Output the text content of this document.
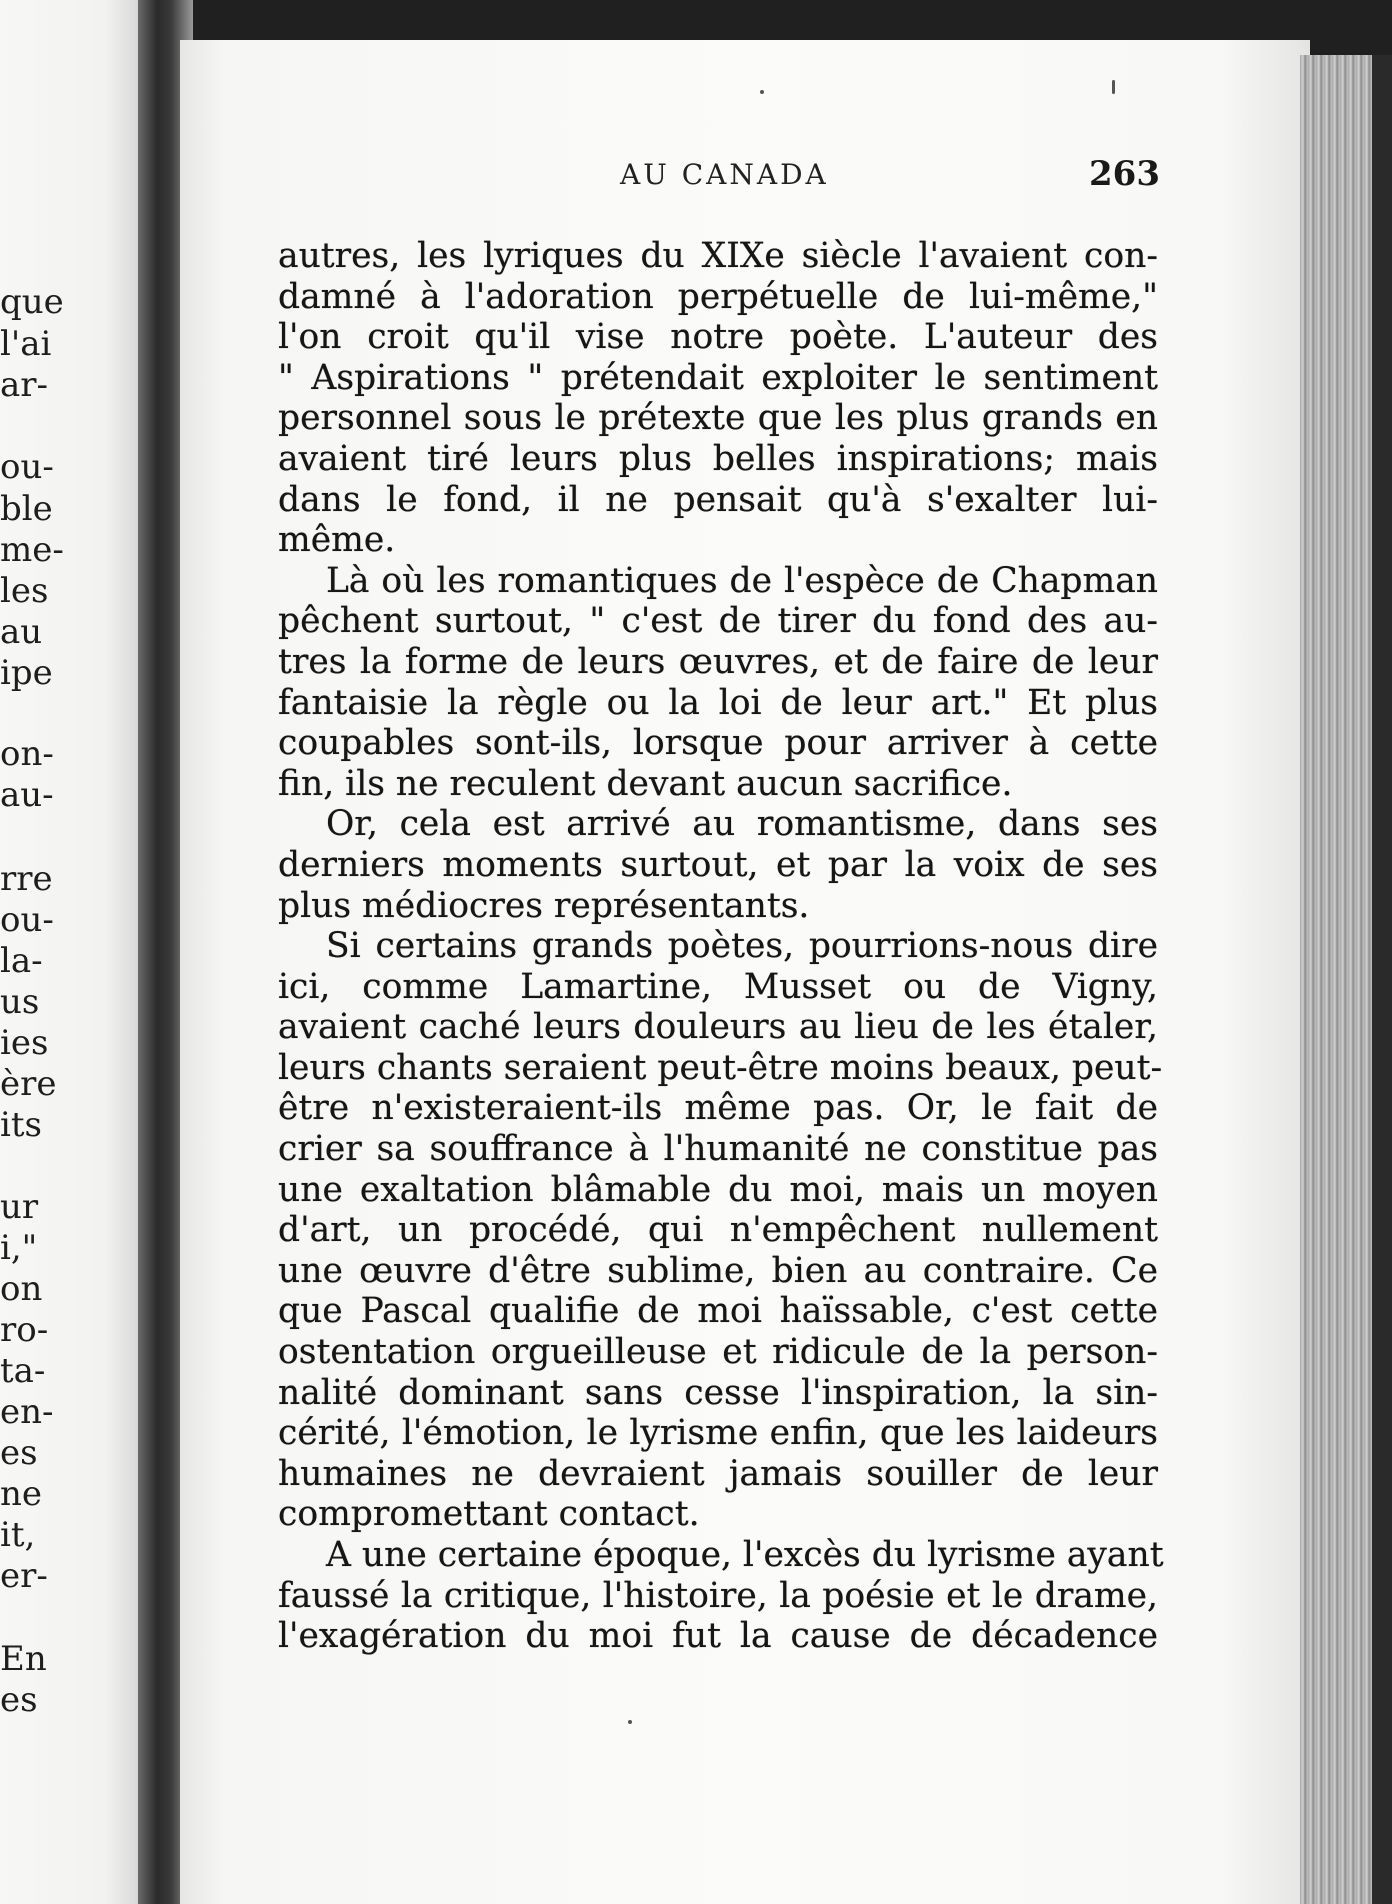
que
l'ai
ar-
ou-
ble
me-
les
au
ipe
on-
au-
rre
ou-
la-
us
ies
ère
its
ur
i,"
on
ro-
ta-
en-
es
ne
it,
er-
En
es
AU CANADA	263
autres, les lyriques du XIXe siècle l'avaient con-
damné à l'adoration perpétuelle de lui-même,"
l'on croit qu'il vise notre poète. L'auteur des
" Aspirations " prétendait exploiter le sentiment
personnel sous le prétexte que les plus grands en
avaient tiré leurs plus belles inspirations; mais
dans le fond, il ne pensait qu'à s'exalter lui-
même.
Là où les romantiques de l'espèce de Chapman
pêchent surtout, " c'est de tirer du fond des au-
tres la forme de leurs œuvres, et de faire de leur
fantaisie la règle ou la loi de leur art." Et plus
coupables sont-ils, lorsque pour arriver à cette
fin, ils ne reculent devant aucun sacrifice.
Or, cela est arrivé au romantisme, dans ses
derniers moments surtout, et par la voix de ses
plus médiocres représentants.
Si certains grands poètes, pourrions-nous dire
ici, comme Lamartine, Musset ou de Vigny,
avaient caché leurs douleurs au lieu de les étaler,
leurs chants seraient peut-être moins beaux, peut-
être n'existeraient-ils même pas. Or, le fait de
crier sa souffrance à l'humanité ne constitue pas
une exaltation blâmable du moi, mais un moyen
d'art, un procédé, qui n'empêchent nullement
une œuvre d'être sublime, bien au contraire. Ce
que Pascal qualifie de moi haïssable, c'est cette
ostentation orgueilleuse et ridicule de la person-
nalité dominant sans cesse l'inspiration, la sin-
cérité, l'émotion, le lyrisme enfin, que les laideurs
humaines ne devraient jamais souiller de leur
compromettant contact.
A une certaine époque, l'excès du lyrisme ayant
faussé la critique, l'histoire, la poésie et le drame,
l'exagération du moi fut la cause de décadence
